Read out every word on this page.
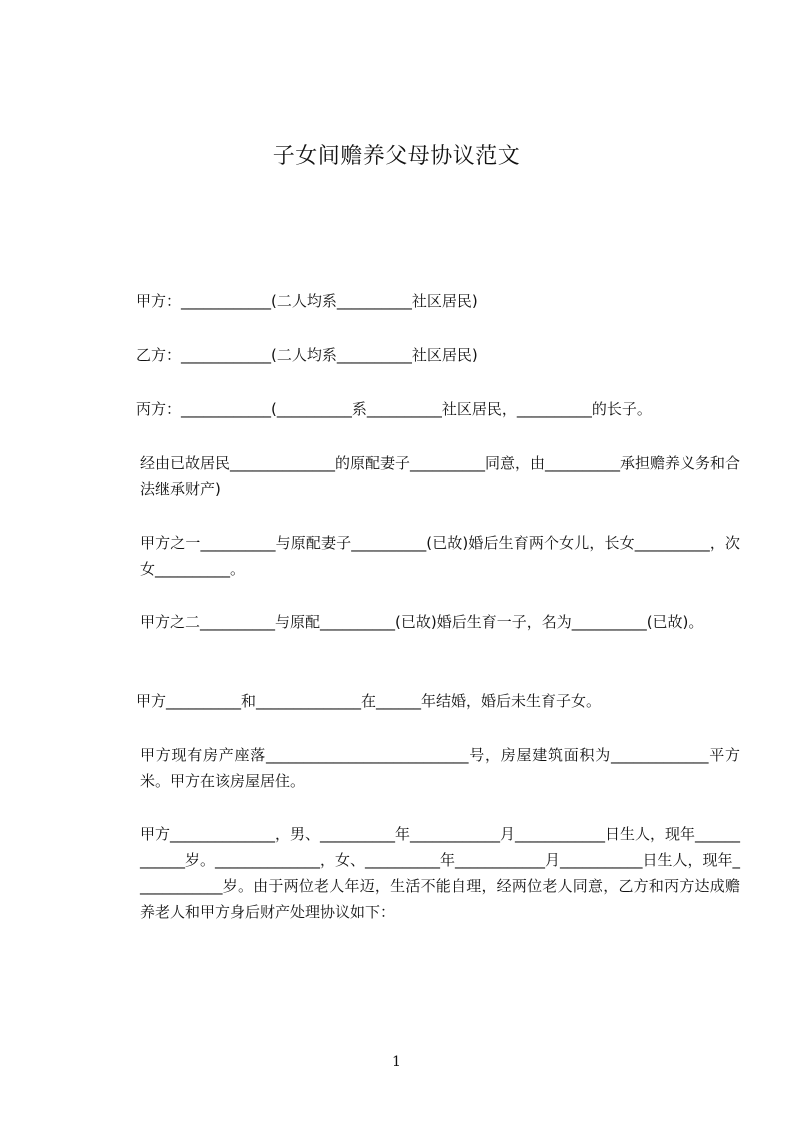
子女间赡养父母协议范文
甲方：____________(二人均系__________社区居民)
乙方：____________(二人均系__________社区居民)
丙方：____________(__________系__________社区居民，__________的长子。
经由已故居民______________的原配妻子__________同意，由__________承担赡养义务和合法继承财产)
甲方之一__________与原配妻子__________(已故)婚后生育两个女儿，长女__________，次女__________。
甲方之二__________与原配__________(已故)婚后生育一子，名为__________(已故)。
甲方__________和______________在______年结婚，婚后未生育子女。
甲方现有房产座落___________________________号，房屋建筑面积为_____________平方米。甲方在该房屋居住。
甲方______________，男、__________年____________月____________日生人，现年____________岁。______________，女、__________年____________月___________日生人，现年____________岁。由于两位老人年迈，生活不能自理，经两位老人同意，乙方和丙方达成赡养老人和甲方身后财产处理协议如下：
1
